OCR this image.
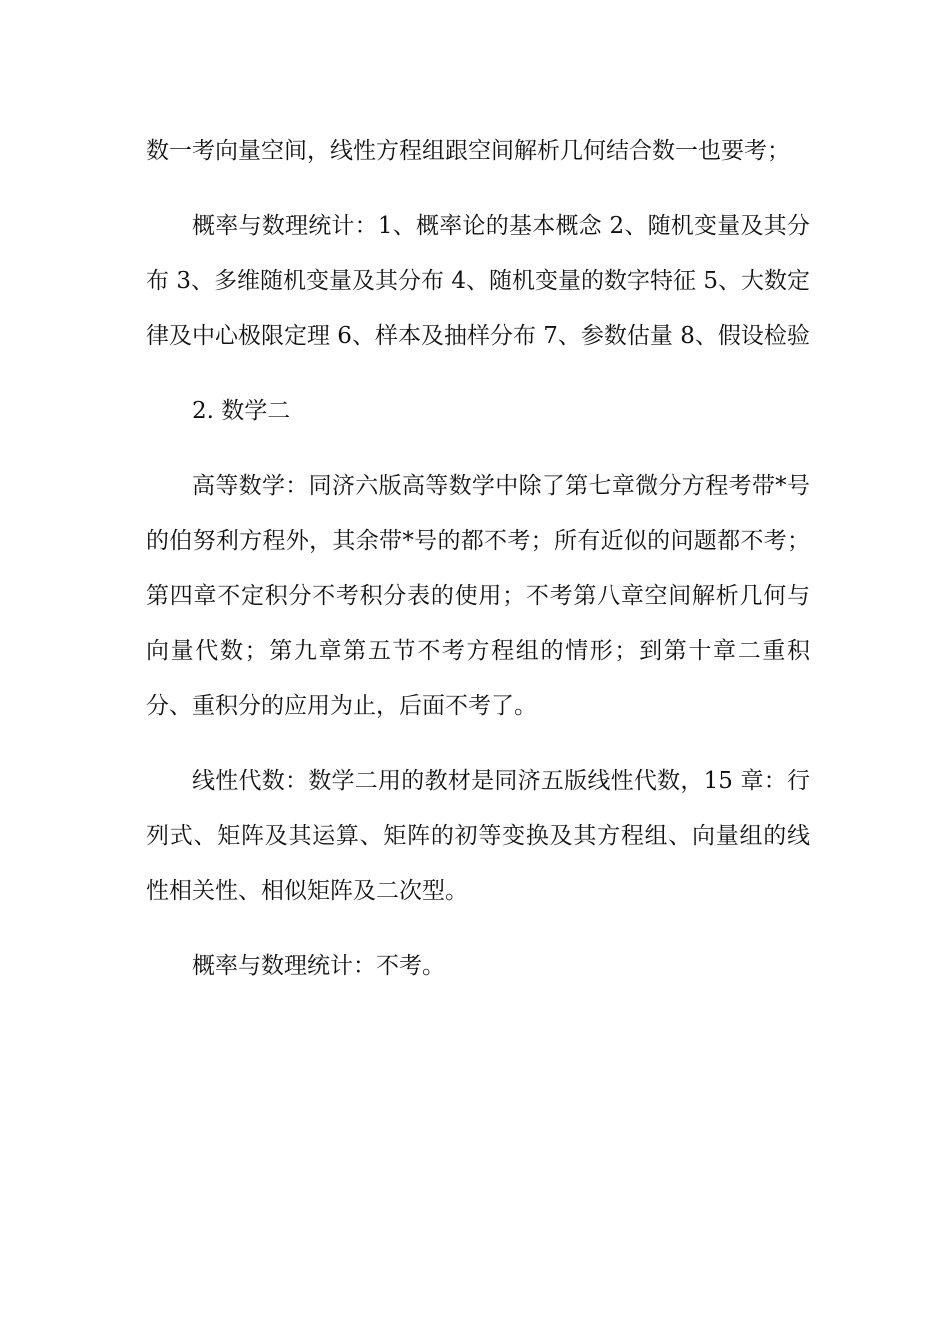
数一考向量空间，线性方程组跟空间解析几何结合数一也要考；

概率与数理统计：1、概率论的基本概念 2、随机变量及其分布 3、多维随机变量及其分布 4、随机变量的数字特征 5、大数定律及中心极限定理 6、样本及抽样分布 7、参数估量 8、假设检验

2. 数学二

高等数学：同济六版高等数学中除了第七章微分方程考带*号的伯努利方程外，其余带*号的都不考；所有近似的问题都不考；第四章不定积分不考积分表的使用；不考第八章空间解析几何与向量代数；第九章第五节不考方程组的情形；到第十章二重积分、重积分的应用为止，后面不考了。

线性代数：数学二用的教材是同济五版线性代数，15 章：行列式、矩阵及其运算、矩阵的初等变换及其方程组、向量组的线性相关性、相似矩阵及二次型。

概率与数理统计：不考。
